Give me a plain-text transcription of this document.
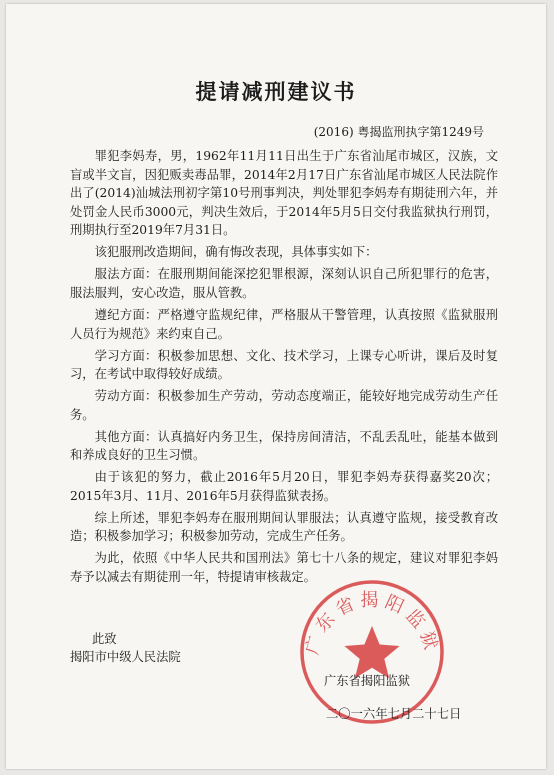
提请减刑建议书
(2016) 粤揭监刑执字第1249号

罪犯李妈寿，男，1962年11月11日出生于广东省汕尾市城区，汉族，文盲或半文盲，因犯贩卖毒品罪，2014年2月17日广东省汕尾市城区人民法院作出了(2014)汕城法刑初字第10号刑事判决，判处罪犯李妈寿有期徒刑六年，并处罚金人民币3000元，判决生效后，于2014年5月5日交付我监狱执行刑罚，刑期执行至2019年7月31日。

该犯服刑改造期间，确有悔改表现，具体事实如下：

服法方面：在服刑期间能深挖犯罪根源，深刻认识自己所犯罪行的危害，服法服判，安心改造，服从管教。

遵纪方面：严格遵守监规纪律，严格服从干警管理，认真按照《监狱服刑人员行为规范》来约束自己。

学习方面：积极参加思想、文化、技术学习，上课专心听讲，课后及时复习，在考试中取得较好成绩。

劳动方面：积极参加生产劳动，劳动态度端正，能较好地完成劳动生产任务。

其他方面：认真搞好内务卫生，保持房间清洁，不乱丢乱吐，能基本做到和养成良好的卫生习惯。

由于该犯的努力，截止2016年5月20日，罪犯李妈寿获得嘉奖20次；2015年3月、11月、2016年5月获得监狱表扬。

综上所述，罪犯李妈寿在服刑期间认罪服法；认真遵守监规，接受教育改造；积极参加学习；积极参加劳动，完成生产任务。

为此，依照《中华人民共和国刑法》第七十八条的规定，建议对罪犯李妈寿予以减去有期徒刑一年，特提请审核裁定。

此致
揭阳市中级人民法院	广东省揭阳监狱
广东省揭阳监狱
二〇一六年七月二十七日
